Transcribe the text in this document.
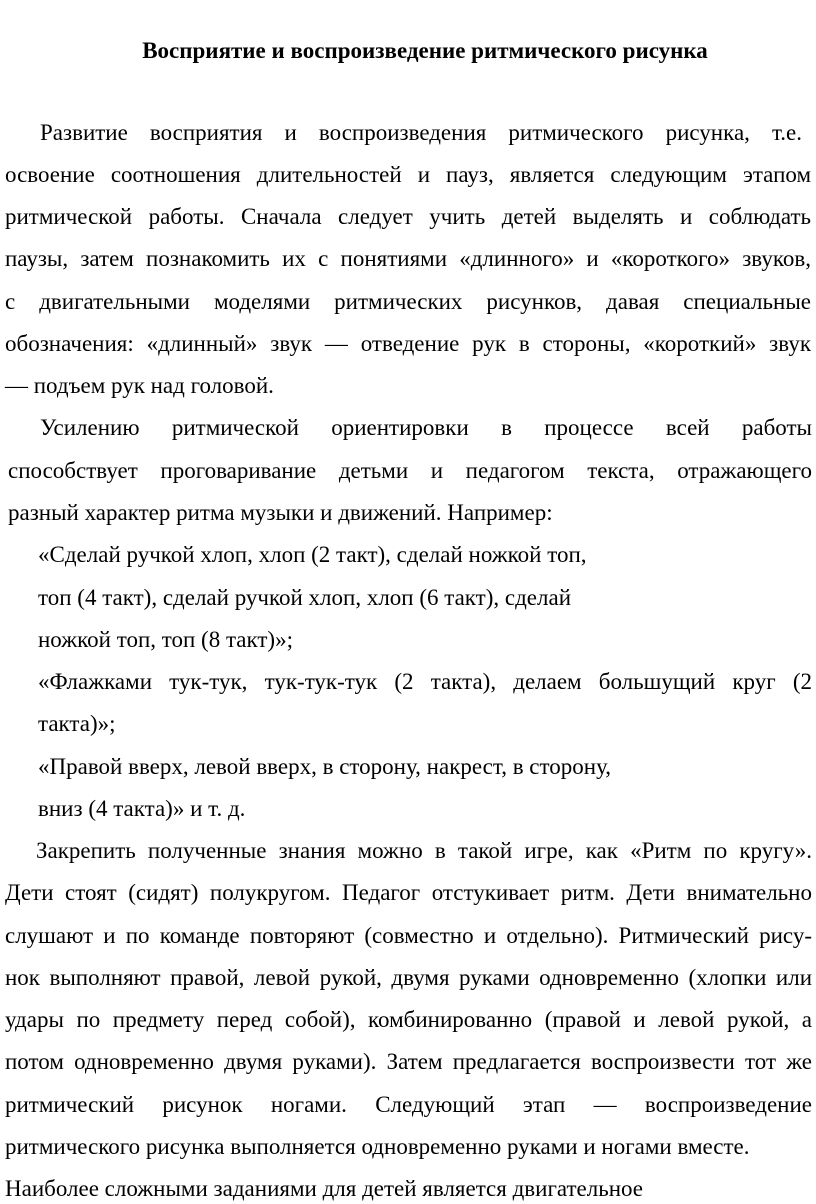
Восприятие и воспроизведение ритмического рисунка
Развитие восприятия и воспроизведения ритмического рисунка, т.е.
освоение соотношения длительностей и пауз, является следующим этапом
ритмической работы. Сначала следует учить детей выделять и соблюдать
паузы, затем познакомить их с понятиями «длинного» и «короткого» звуков,
с двигательными моделями ритмических рисунков, давая специальные
обозначения: «длинный» звук — отведение рук в стороны, «короткий» звук
— подъем рук над головой.
Усилению ритмической ориентировки в процессе всей работы
способствует проговаривание детьми и педагогом текста, отражающего
разный характер ритма музыки и движений. Например:
«Сделай ручкой хлоп, хлоп (2 такт), сделай ножкой топ,
топ (4 такт), сделай ручкой хлоп, хлоп (6 такт), сделай
ножкой топ, топ (8 такт)»;
«Флажками тук-тук, тук-тук-тук (2 такта), делаем большущий круг (2
такта)»;
«Правой вверх, левой вверх, в сторону, накрест, в сторону,
вниз (4 такта)» и т. д.
Закрепить полученные знания можно в такой игре, как «Ритм по кругу».
Дети стоят (сидят) полукругом. Педагог отстукивает ритм. Дети внимательно
слушают и по команде повторяют (совместно и отдельно). Ритмический рису-
нок выполняют правой, левой рукой, двумя руками одновременно (хлопки или
удары по предмету перед собой), комбинированно (правой и левой рукой, а
потом одновременно двумя руками). Затем предлагается воспроизвести тот же
ритмический рисунок ногами. Следующий этап — воспроизведение
ритмического рисунка выполняется одновременно руками и ногами вместе.
Наиболее сложными заданиями для детей является двигательное
